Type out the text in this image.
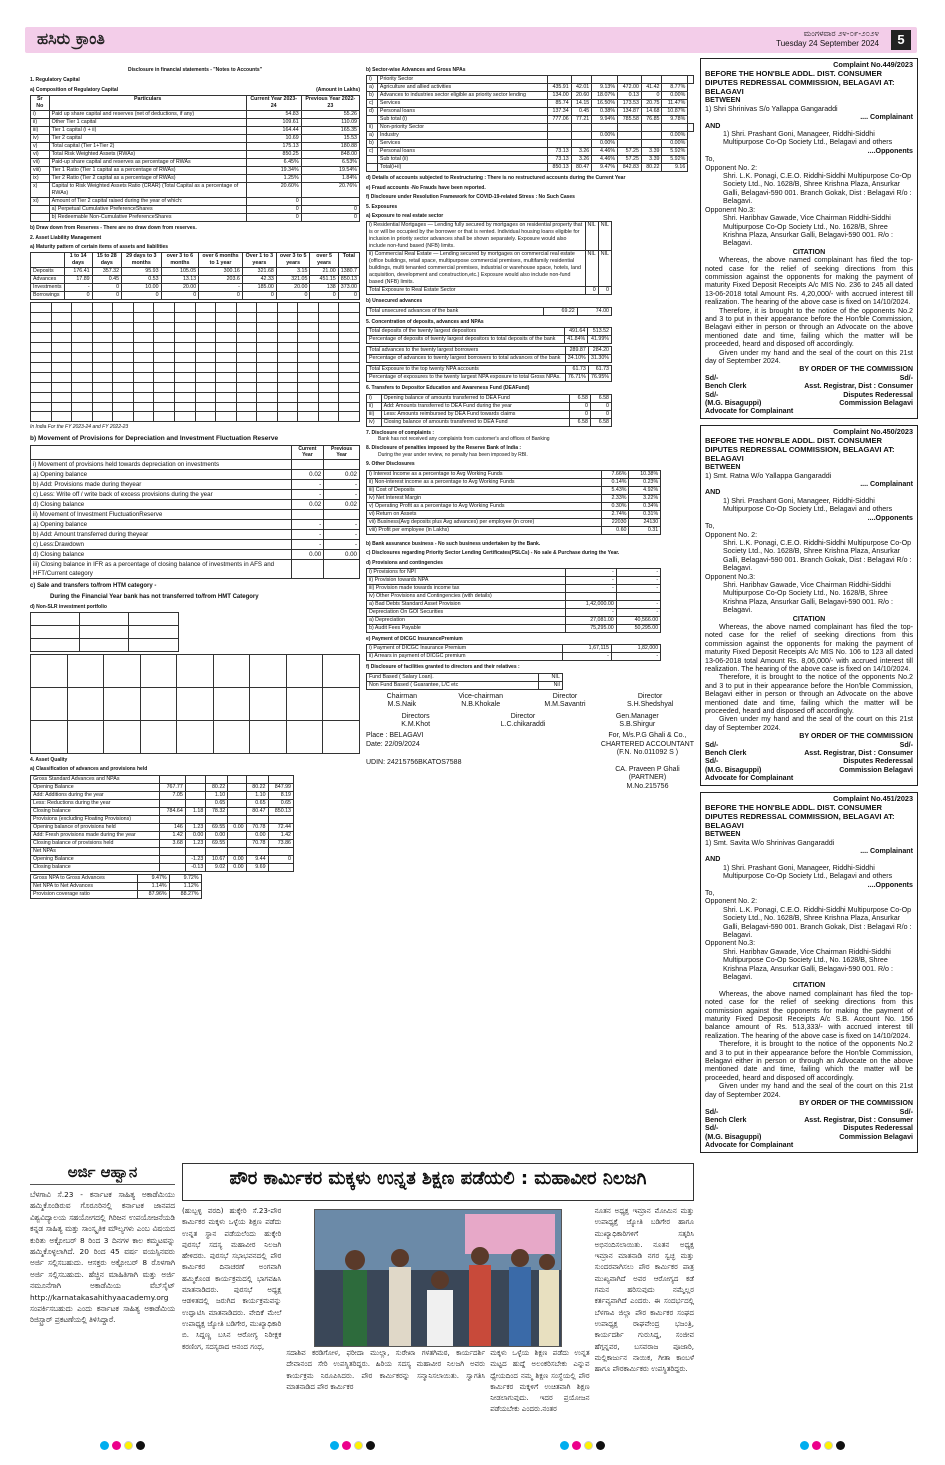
ಹಸಿರು ಕ್ರಾಂತಿ	ಮಂಗಳವಾರ ೨೪-೦೯-೨೦೨೪
Tuesday 24 September 2024	5
Disclosure in financial statements - "Notes to Accounts"
1. Regulatory Capital
a) Composition of Regulatory Capital	(Amount in Lakhs)
Sr No	Particulars	Current Year 2023-24	Previous Year 2022-23
i)	Paid up share capital and reserves (net of deductions, if any)	54.83	55.26
ii)	Other Tier 1 capital	109.61	110.09
iii)	Tier 1 capital (i + ii)	164.44	165.35
iv)	Tier 2 capital	10.69	15.53
v)	Total capital (Tier 1+Tier 2)	175.13	180.88
vi)	Total Risk Weighted Assets (RWAs)	850.25	848.00
vii)	Paid-up share capital and reserves as percentage of RWAs	6.45%	6.53%
viii)	Tier 1 Ratio (Tier 1 capital as a percentage of RWAs)	19.34%	19.54%
ix)	Tier 2 Ratio (Tier 2 capital as a percentage of RWAs)	1.25%	1.84%
x)	Capital to Risk Weighted Assets Ratio (CRAR) (Total Capital as a percentage of RWAs)	20.60%	20.76%
xi)	Amount of Tier 2 capital raised during the year of which:	0	
	a) Perpetual Cumulative PreferenceShares	0	0
	b) Redeemable Non-Cumulative PreferenceShares	0	0
b) Draw down from Reserves - There are no draw down from reserves.
2. Asset Liability Management
a) Maturity pattern of certain items of assets and liabilities
	1 to 14 days	15 to 28 days	29 days to 3 months	over 3 to 6 months	over 6 months to 1 year	Over 1 to 3 years	over 3 to 5 years	over 5 years	Total
Deposits	176.41	357.32	95.93	105.05	300.16	321.68	3.15	21.00	1380.7
Advances	17.89	0.45	0.53	13.13	203.6	42.33	321.05	451.15	850.13
Investments	-	0	10.00	20.00	-	185.00	20.00	138	373.00
Borrowings	0	0	0	0	0	0	0	0	0

In India For the FY 2023-24 and FY 2022-23
b) Movement of Provisions for Depreciation and Investment Fluctuation Reserve
	Current Year	Previous Year
i) Movement of provisions held towards depreciation on investments		
a) Opening balance	0.02	0.02
b) Add: Provisions made during theyear	-	-
c) Less: Write off / write back of excess provisions during the year	-	-
d) Closing balance	0.02	0.02
ii) Movement of Investment FluctuationReserve		
a) Opening balance	-	-
b) Add: Amount transferred during theyear	-	-
c) Less:Drawdown	-	-
d) Closing balance	0.00	0.00
iii) Closing balance in IFR as a percentage of closing balance of investments in AFS and HFT/Current category		
c) Sale and transfers to/from HTM category -
During the Financial Year bank has not transferred to/from HMT Category
d) Non-SLR investment portfolio

4. Asset Quality
a) Classification of advances and provisions held
Gross Standard Advances and NPAs						
Opening Balance	767.77		80.22		80.22	847.99
Add: Additions during the year	7.05		1.10		1.10	8.19
Less: Reductions during the year			0.65		0.65	0.65
Closing balance	784.64	1.18	78.32		80.47	850.13
Provisions (excluding Floating Provisions)						
Opening balance of provisions held	146	1.23	69.55	0.00	70.78	72.44
Add: Fresh provisions made during the year	1.42	0.00	0.00		0.00	1.42
Closing balance of provisions held	3.68	1.23	69.55		70.78	73.86
Net NPAs						
Opening Balance		-1.23	10.67	0.00	9.44	0
Closing balance		-0.13	9.02	0.00	9.69	
Gross NPA to Gross Advances	9.47%	9.72%
Net NPA to Net Advances	1.14%	1.12%
Provision coverage ratio	87.96%	88.27%
b) Sector-wise Advances and Gross NPAs
i)	Priority Sector							
a)	Agriculture and allied activities	435.91	42.01	9.13%	472.00	41.42	8.77%	
b)	Advances to industries sector eligible as priority sector lending	134.00	20.60	18.07%	0.13	0	0.00%	
c)	Services	85.74	14.15	16.50%	173.53	20.75	11.47%	
d)	Personal loans	137.34	0.45	0.38%	134.87	14.68	10.87%	
	Sub total (i)	777.06	77.21	9.94%	785.58	76.85	9.78%	
ii)	Non-priority Sector							
a)	Industry			0.00%			0.00%	
b)	Services			0.00%			0.00%	
c)	Personal loans	73.13	3.26	4.46%	57.25	3.39	5.92%	
	Sub total (ii)	73.13	3.26	4.46%	57.25	3.39	5.92%	
	Total(i+ii)	850.13	80.47	9.47%	842.83	80.22	9.16	
d) Details of accounts subjected to Restructuring : There is no restructured accounts during the Current Year
e) Fraud accounts -No Frauds have been reported.
f) Disclosure under Resolution Framework for COVID-19-related Stress : No Such Cases
5. Exposures
a) Exposure to real estate sector
i) Residential Mortgages — Lending fully secured by mortgages on residential property that is or will be occupied by the borrower or that is rented. Individual housing loans eligible for inclusion in priority sector advances shall be shown separately. Exposure would also include non-fund based (NFB) limits.	NIL	NIL
ii) Commercial Real Estate — Lending secured by mortgages on commercial real estate (office buildings, retail space, multipurpose commercial premises, multifamily residential buildings, multi tenanted commercial premises, industrial or warehouse space, hotels, land acquisition, development and construction,etc.) Exposure would also include non-fund based (NFB) limits.	NIL	NIL
Total Exposure to Real Estate Sector	0	0
b) Unsecured advances
Total unsecured advances of the bank	69.22	74.00
5. Concentration of deposits, advances and NPAs
Total deposits of the twenty largest depositors	491.64	513.52
Percentage of deposits of twenty largest depositors to total deposits of the bank	41.84%	41.99%
Total advances to the twenty largest borrowers	289.87	284.20
Percentage of advances to twenty largest borrowers to total advances of the bank	34.10%	31.30%
Total Exposure to the top twenty NPA accounts	61.73	61.73
Percentage of exposures to the twenty largest NPA exposure to total Gross NPAs.	76.71%	76.95%
6. Transfers to Depositor Education and Awareness Fund (DEAFund)
i)	Opening balance of amounts transferred to DEA Fund	6.58	6.58
ii)	Add: Amounts transferred to DEA Fund during the year	0	0
iii)	Less: Amounts reimbursed by DEA Fund towards claims	0	0
iv)	Closing balance of amounts transferred to DEA Fund	6.58	6.58
7. Disclosure of complaints :
Bank has not received any complaints from customer's and offices of Banking
8. Disclosure of penalties imposed by the Reserve Bank of India :
During the year under review, no penalty has been imposed by RBI.
9. Other Disclosures
i) Interest Income as a percentage to Avg Working Funds	7.66%	10.38%
ii) Non-interest income as a percentage to Avg Working Funds	0.14%	0.23%
iii) Cost of Deposits	5.43%	4.92%
iv) Net Interest Margin	2.33%	3.22%
v) Operating Profit as a percentage to Avg Working Funds	0.30%	0.34%
vi) Return on Assets	2.74%	0.31%
vii) Business(Avg deposits plus Avg advances) per employee (in crore)	22030	24130
viii) Profit per employee (in Lakhs)	0.60	0.31
b) Bank assurance business - No such business undertaken by the Bank.
c) Disclosures regarding Priority Sector Lending Certificates(PSLCs) - No sale & Purchase during the Year.
d) Provisions and contingencies
i) Provisions for NPI	-	-
ii) Provision towards NPA	-	-
iii) Provision made towards income tax	-	-
iv) Other Provisions and Contingencies (with details)		
a) Bad Debts Standard Asset Provision	1,42,000.00	-
Depreciation On GOI Securities	-	-
a) Depreciation	27,081.00	40,566.00
b) Audit Fees Payable	75,295.00	50,295.00
e) Payment of DICGC InsurancePremium
i) Payment of DICGC Insurance Premium	1,67,115	1,82,000
ii) Arrears in payment of DICGC premium	-	-
f) Disclosure of facilities granted to directors and their relatives :
Fund Based ( Salary Loan).	NIL
Non Fund Based ( Guarantee, L/C etc	Nil
Chairman
M.S.Naik
Vice-chairman
N.B.Khokale
Director
M.M.Savantri
Director
S.H.Shedshyal
Directors
K.M.Khot
Director
L.C.chikaraddi
Gen.Manager
S.B.Shirgur
Place : BELAGAVI
Date: 22/09/2024
UDIN: 24215756BKATOS7588
For, M/s.P.G Ghali & Co.,
CHARTERED ACCOUNTANT
(F.N. No.011092 S )

CA. Praveen P Ghali
(PARTNER)
M.No.215756
Complaint No.449/2023
BEFORE THE HON'BLE ADDL. DIST. CONSUMER DIPUTES REDRESSAL COMMISSION, BELAGAVI AT: BELAGAVI
BETWEEN
1) Shri Shrinivas S/o Yallappa Gangaraddi
.... Complainant
AND
1) Shri. Prashant Goni, Manageer, Riddhi-Siddhi Multipurpose Co-Op Society Ltd., Belagavi and others
....Opponents
To,
Opponent No. 2:
Shri. L.K. Ponagi, C.E.O. Riddhi-Siddhi Multipurpose Co-Op Society Ltd., No. 1628/B, Shree Krishna Plaza, Ansurkar Galli, Belagavi-590 001. Branch Gokak, Dist : Belagavi R/o : Belagavi.
Opponent No.3:
Shri. Haribhav Gawade, Vice Chairman Riddhi-Siddhi Multipurpose Co-Op Society Ltd., No. 1628/B, Shree Krishna Plaza, Ansurkar Galli, Belagavi-590 001. R/o : Belagavi.
CITATION
Whereas, the above named complainant has filed the top-noted case for the relief of seeking directions from this commission against the opponents for making the payment of maturity Fixed Deposit Receipts A/c MIS No. 236 to 245 all dated 13-06-2018 total Amount Rs. 4,20,000/- with accrued interest till realization. The hearing of the above case is fixed on 14/10/2024.
Therefore, it is brought to the notice of the opponents No.2 and 3 to put in their appearance before the Hon'ble Commission, Belagavi either in person or through an Advocate on the above mentioned date and time, failing which the matter will be proceeded, heard and disposed off accordingly.
Given under my hand and the seal of the court on this 21st day of September 2024.
BY ORDER OF THE COMMISSION
Sd/-	Sd/-
Bench Clerk	Asst. Registrar, Dist : Consumer
Sd/-	Disputes Rederessal
(M.G. Bisaguppi)	Commission Belagavi
Advocate for Complainant
Complaint No.450/2023
BEFORE THE HON'BLE ADDL. DIST. CONSUMER DIPUTES REDRESSAL COMMISSION, BELAGAVI AT: BELAGAVI
BETWEEN
1) Smt. Ratna W/o Yallappa Gangaraddi
.... Complainant
AND
1) Shri. Prashant Goni, Manageer, Riddhi-Siddhi Multipurpose Co-Op Society Ltd., Belagavi and others
....Opponents
To,
Opponent No. 2:
Shri. L.K. Ponagi, C.E.O. Riddhi-Siddhi Multipurpose Co-Op Society Ltd., No. 1628/B, Shree Krishna Plaza, Ansurkar Galli, Belagavi-590 001. Branch Gokak, Dist : Belagavi R/o : Belagavi.
Opponent No.3:
Shri. Haribhav Gawade, Vice Chairman Riddhi-Siddhi Multipurpose Co-Op Society Ltd., No. 1628/B, Shree Krishna Plaza, Ansurkar Galli, Belagavi-590 001. R/o : Belagavi.
CITATION
Whereas, the above named complainant has filed the top-noted case for the relief of seeking directions from this commission against the opponents for making the payment of maturity Fixed Deposit Receipts A/c MIS No. 106 to 123 all dated 13-06-2018 total Amount Rs. 8,06,000/- with accrued interest till realization. The hearing of the above case is fixed on 14/10/2024.
Therefore, it is brought to the notice of the opponents No.2 and 3 to put in their appearance before the Hon'ble Commission, Belagavi either in person or through an Advocate on the above mentioned date and time, failing which the matter will be proceeded, heard and disposed off accordingly.
Given under my hand and the seal of the court on this 21st day of September 2024.
BY ORDER OF THE COMMISSION
Sd/-	Sd/-
Bench Clerk	Asst. Registrar, Dist : Consumer
Sd/-	Disputes Rederessal
(M.G. Bisaguppi)	Commission Belagavi
Advocate for Complainant
Complaint No.451/2023
BEFORE THE HON'BLE ADDL. DIST. CONSUMER DIPUTES REDRESSAL COMMISSION, BELAGAVI AT: BELAGAVI
BETWEEN
1) Smt. Savita W/o Shrinivas Gangaraddi
.... Complainant
AND
1) Shri. Prashant Goni, Manageer, Riddhi-Siddhi Multipurpose Co-Op Society Ltd., Belagavi and others
....Opponents
To,
Opponent No. 2:
Shri. L.K. Ponagi, C.E.O. Riddhi-Siddhi Multipurpose Co-Op Society Ltd., No. 1628/B, Shree Krishna Plaza, Ansurkar Galli, Belagavi-590 001. Branch Gokak, Dist : Belagavi R/o : Belagavi.
Opponent No.3:
Shri. Haribhav Gawade, Vice Chairman Riddhi-Siddhi Multipurpose Co-Op Society Ltd., No. 1628/B, Shree Krishna Plaza, Ansurkar Galli, Belagavi-590 001. R/o : Belagavi.
CITATION
Whereas, the above named complainant has filed the top-noted case for the relief of seeking directions from this commission against the opponents for making the payment of maturity Fixed Deposit Receipts A/c S.B. Account No. 156 balance amount of Rs. 513,333/- with accrued interest till realization. The hearing of the above case is fixed on 14/10/2024.
Therefore, it is brought to the notice of the opponents No.2 and 3 to put in their appearance before the Hon'ble Commission, Belagavi either in person or through an Advocate on the above mentioned date and time, failing which the matter will be proceeded, heard and disposed off accordingly.
Given under my hand and the seal of the court on this 21st day of September 2024.
BY ORDER OF THE COMMISSION
Sd/-	Sd/-
Bench Clerk	Asst. Registrar, Dist : Consumer
Sd/-	Disputes Rederessal
(M.G. Bisaguppi)	Commission Belagavi
Advocate for Complainant
ಅರ್ಜಿ ಆಹ್ವಾನ
ಬೆಳಗಾವಿ ಸೆ.23 - ಕರ್ನಾಟಕ ಸಾಹಿತ್ಯ ಅಕಾಡೆಮಿಯು ಹಮ್ಮಿಕೊಂಡಿರುವ ಗೊರೂರಿನಲ್ಲಿ ಕರ್ನಾಟಕ ಜಾನಪದ ವಿಶ್ವವಿದ್ಯಾಲಯ ಸಹಯೋಗದಲ್ಲಿ ಗಿರಿಜನ ಉಪಯೋಜನೆಯಡಿ ಕನ್ನಡ ಸಾಹಿತ್ಯ ಮತ್ತು ಸಾಂಸ್ಕೃತಿಕ ಮೌಲ್ಯಗಳು ಎಂಬ ವಿಷಯದ ಕುರಿತು ಅಕ್ಟೋಬರ್ 8 ರಿಂದ 3 ದಿನಗಳ ಕಾಲ ಕಮ್ಮಟವನ್ನು ಹಮ್ಮಿಕೊಳ್ಳಲಾಗಿದೆ. 20 ರಿಂದ 45 ವರ್ಷ ವಯಸ್ಸಿನವರು ಅರ್ಜಿ ಸಲ್ಲಿಸಬಹುದು. ಆಸಕ್ತರು ಅಕ್ಟೋಬರ್ 8 ರೊಳಗಾಗಿ ಅರ್ಜಿ ಸಲ್ಲಿಸಬಹುದು. ಹೆಚ್ಚಿನ ಮಾಹಿತಿಗಾಗಿ ಮತ್ತು ಅರ್ಜಿ ನಮೂನೆಗಾಗಿ ಅಕಾಡೆಮಿಯ ವೆಬ್‌ಸೈಟ್ http://karnatakasahithyaacademy.org ಸಂಪರ್ಕಿಸಬಹುದು ಎಂದು ಕರ್ನಾಟಕ ಸಾಹಿತ್ಯ ಅಕಾಡೆಮಿಯ ರಿಜಿಸ್ಟ್ರಾರ್ ಪ್ರಕಟಣೆಯಲ್ಲಿ ತಿಳಿಸಿದ್ದಾರೆ.
ಪೌರ ಕಾರ್ಮಿಕರ ಮಕ್ಕಳು ಉನ್ನತ ಶಿಕ್ಷಣ ಪಡೆಯಲಿ : ಮಹಾವೀರ ನಿಲಜಗಿ
(ಹುಬ್ಬಳ್ಳಿ ವರದಿ) ಹುಕ್ಕೇರಿ ಸೆ.23-ಪೌರ ಕಾರ್ಮಿಕರ ಮಕ್ಕಳು ಒಳ್ಳೆಯ ಶಿಕ್ಷಣ ಪಡೆದು ಉನ್ನತ ಸ್ಥಾನ ಪಡೆಯಲೆಂದು ಹುಕ್ಕೇರಿ ಪುರಸಭೆ ಸದಸ್ಯ ಮಹಾವೀರ ನಿಲಜಗಿ ಹೇಳಿದರು. ಪುರಸಭೆ ಸಭಾಭವನದಲ್ಲಿ ಪೌರ ಕಾರ್ಮಿಕರ ದಿನಾಚರಣೆ ಅಂಗವಾಗಿ ಹಮ್ಮಿಕೊಂಡ ಕಾರ್ಯಕ್ರಮದಲ್ಲಿ ಭಾಗವಹಿಸಿ ಮಾತನಾಡಿದರು. ಪುರಸಭೆ ಅಧ್ಯಕ್ಷ ಆಡಳಿತದಲ್ಲಿ ಜರುಗಿದ ಕಾರ್ಯಕ್ರಮವನ್ನು ಉದ್ಘಾಟಿಸಿ ಮಾತನಾಡಿದರು. ವೇದಿಕೆ ಮೇಲೆ ಉಪಾಧ್ಯಕ್ಷ ಜ್ಯೋತಿ ಬಡಿಗೇರ, ಮುಖ್ಯಾಧಿಕಾರಿ ಬಿ. ಸಿದ್ದಣ್ಣ ಬಸಿನ ಆರೋಗ್ಯ ನಿರೀಕ್ಷಕ ಕರಣಿಂಗ, ಸದಸ್ಯರಾದ ಆನಂದ ಗಂಧ,
ಸದಾಶಿವ ಕರಡಿಗೋಳ, ಫರೀದಾ ಮುಲ್ಲಾ, ಸುರೇಖಾ ಗಳತಗಿಮಠ, ಕಾರ್ಯದರ್ಶಿ ದೇವಾನಂದ ಸೇರಿ ಉಪಸ್ಥಿತರಿದ್ದರು. ಹಿರಿಯ ಸದಸ್ಯ ಮಹಾವೀರ ನಿಲಜಗಿ ಅವರು ಕಾರ್ಯಕ್ರಮ ನಿರೂಪಿಸಿದರು. ಪೌರ ಕಾರ್ಮಿಕರನ್ನು ಸನ್ಮಾನಿಸಲಾಯಿತು. ಸ್ವಾಗತಿಸಿ ಮಾತನಾಡಿದ ಪೌರ ಕಾರ್ಮಿಕರ
ಮಕ್ಕಳು ಒಳ್ಳೆಯ ಶಿಕ್ಷಣ ಪಡೆದು ಉನ್ನತ ಮಟ್ಟದ ಹುದ್ದೆ ಅಲಂಕರಿಸಬೇಕು ಎನ್ನುವ ಧ್ಯೇಯದಿಂದ ನಮ್ಮ ಶಿಕ್ಷಣ ಸಂಸ್ಥೆಯಲ್ಲಿ ಪೌರ ಕಾರ್ಮಿಕರ ಮಕ್ಕಳಿಗೆ ಉಚಿತವಾಗಿ ಶಿಕ್ಷಣ ನೀಡಲಾಗುವುದು. ಇದರ ಪ್ರಯೋಜನ ಪಡೆಯಬೇಕು ಎಂದರು.ನಂತರ
ನೂತನ ಅಧ್ಯಕ್ಷ ಇಮ್ರಾನ ಮೋಮಿನ ಮತ್ತು ಉಪಾಧ್ಯಕ್ಷೆ ಜ್ಯೋತಿ ಬಡಿಗೇರ ಹಾಗೂ ಮುಖ್ಯಾಧಿಕಾರಿಗಳಿಗೆ ಸತ್ಕರಿಸಿ ಅಭಿನಂದಿಸಲಾಯಿತು. ನೂತನ ಅಧ್ಯಕ್ಷ ಇಮ್ರಾನ ಮಾತನಾಡಿ ನಗರ ಸ್ವಚ್ಛ ಮತ್ತು ಸುಂದರವಾಗಿಸಲು ಪೌರ ಕಾರ್ಮಿಕರ ಪಾತ್ರ ಮುಖ್ಯವಾಗಿದೆ ಅವರ ಆರೋಗ್ಯದ ಕಡೆ ಗಮನ ಹರಿಸುವುದು ನಮ್ಮೆಲ್ಲರ ಕರ್ತವ್ಯವಾಗಿದೆ ಎಂದರು. ಈ ಸಂದರ್ಭದಲ್ಲಿ ಬೆಳಗಾವಿ ಜಿಲ್ಲಾ ಪೌರ ಕಾರ್ಮಿಕರ ಸಂಘದ ಉಪಾಧ್ಯಕ್ಷ ರಾಘವೇಂದ್ರ ಭಜಂತ್ರಿ, ಕಾರ್ಯದರ್ಶಿ ಗುರುಸಿದ್ದ, ಸಂಜೀವ ಹೆಗ್ಗನ್ನವರ, ಬಸವರಾಜ ಪೂಜಾರಿ, ಮಲ್ಲಿಕಾರ್ಜುನ ನಾಯಿಕ, ಗೀತಾ ಕಾಂಬಳೆ ಹಾಗೂ ಪೌರಕಾರ್ಮಿಕರು ಉಪಸ್ಥಿತರಿದ್ದರು.
